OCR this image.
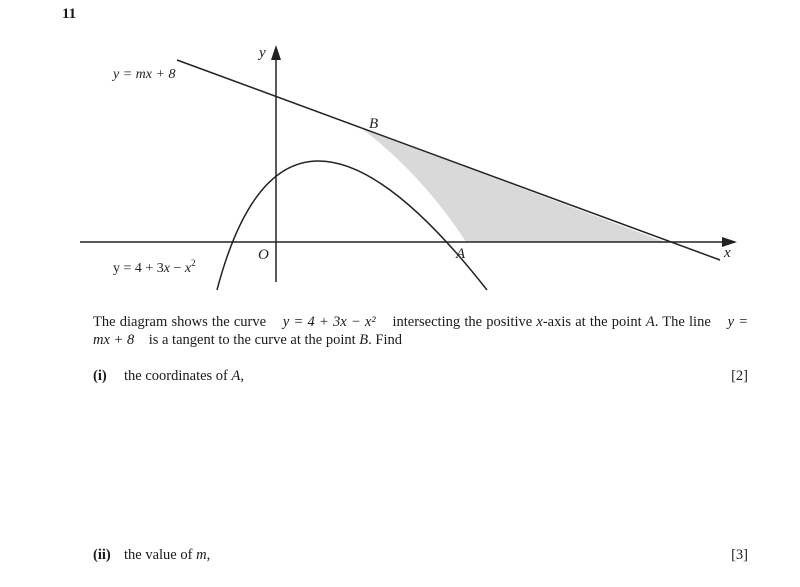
11
y
x
O
B
A
y = mx + 8
$y = 4 + 3x - x^2$
The diagram shows the curve y = 4 + 3x − x² intersecting the positive x-axis at the point A. The line y = mx + 8 is a tangent to the curve at the point B. Find
(i) the coordinates of A,	[2]
(ii) the value of m,	[3]
